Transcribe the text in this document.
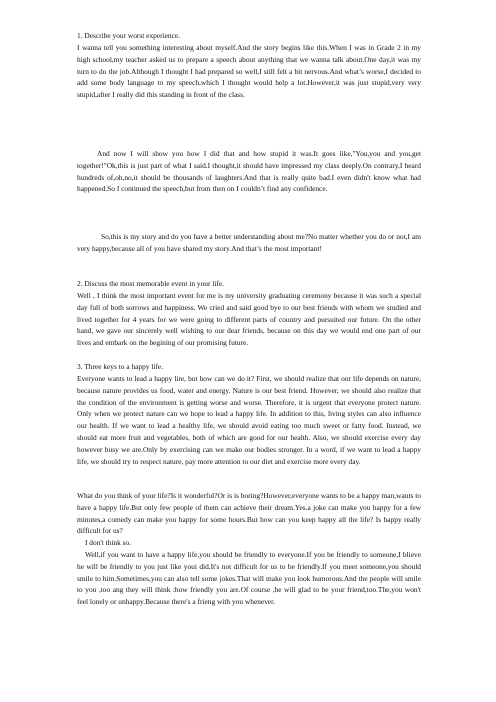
1. Describe your worst experience.

I wanna tell you something interesting about myself.And the story begins like this.When I was in Grade 2 in my high school,my teacher asked us to prepare a speech about anything that we wanna talk about.One day,it was my turn to do the job.Although I thought I had prepared so well,I still felt a bit nervous.And what’s worse,I decided to add some body language to my speech,which I thought would help a lot.However,it was just stupid,very very stupid,after I really did this standing in front of the class.

And now I will show you how I did that and how stupid it was.It goes like,"You,you and you,get together!"Ok,this is just part of what I said.I thought,it should have impressed my class deeply.On contrary,I heard hundreds of,oh,no,it should be thousands of laughters.And that is really quite bad.I even didn't know what had happened.So I continued the speech,but from then on I couldn’t find any confidence.

So,this is my story and do you have a better understanding about me?No matter whether you do or not,I am very happy,because all of you have shared my story.And that’s the most important!

2. Discuss the most memorable event in your life.

Well , I think the most important event for me is my university graduating ceremony because it was such a special day full of both sorrows and happiness. We cried and said good bye to our best friends with whom we studied and lived together for 4 years for we were going to different parts of country and pursuited our future. On the other hand, we gave our sincerely well wishing to our dear friends, because on this day we would end one part of our lives and embark on the begining of our promising future.

3. Three keys to a happy life.

Everyone wants to lead a happy lire, but how can we do it? First, we should realize that our life depends on nature, because nature provides us food, water and energy. Nature is our best friend. However, we should also realize that the condition of the environment is getting worse and worse. Therefore, it is urgent that everyone protect nature. Only when we protect nature can we hope to lead a happy life. In addition to this, living styles can also influence our health. If we want to lead a healthy life, we should avoid eating too much sweet or fatty food. Instead, we should eat more fruit and vegetables, both of which are good for our health. Also, we should exercise every day however busy we are.Only by exercising can we make our bodies stronger. In a word, if we want to lead a happy life, we should try to respect nature, pay more attention to our diet and exercise more every day.

What do you think of your life?Is it wonderful?Or is is boring?However,everyone wants to be a happy man,wants to have a happy life.But only few people of them can achieve their dream.Yes.a joke can make you happy for a few minutes,a comedy can make you happy for some hours.But how can you keep happy all the life? Is happy really difficult for us?

I don't think so.

Well,if you want to have a happy life,you should be friendly to everyone.If you be friendly to someone,I blieve he will be friendly to you just like youi did.It's not difficult for us to be friendly.If you meet someone,you should smile to him.Sometimes,you can also tell some jokes.That will make you look humorous.And the people will smile to you ,too ang they will think :how friendly you are.Of course ,he will glad to be your friend,too.The,you won't feel lonely or unhappy.Because there's a frieng with you whenever.
